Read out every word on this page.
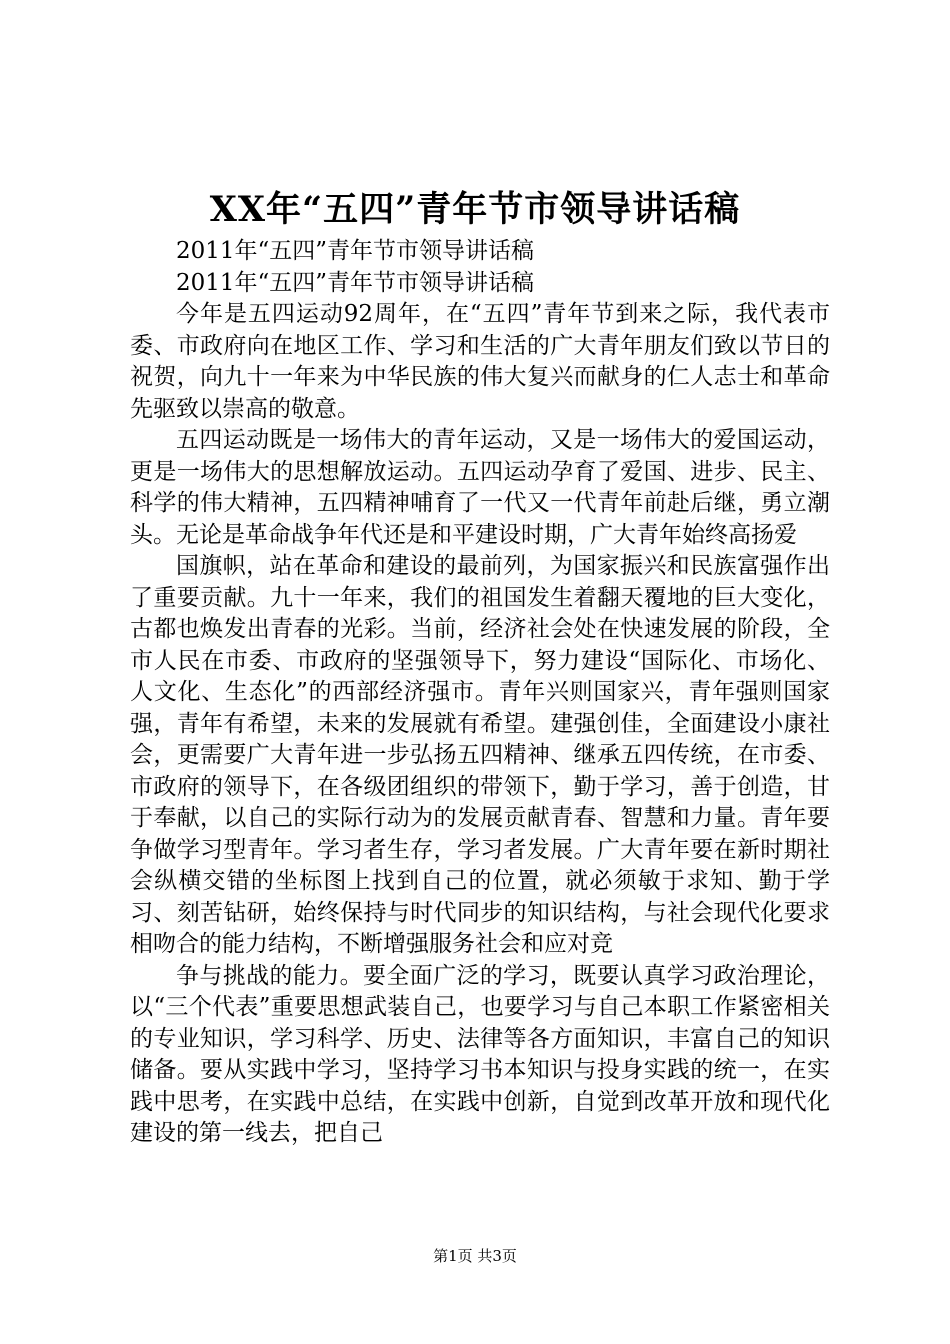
XX年“五四”青年节市领导讲话稿

2011年“五四”青年节市领导讲话稿

2011年“五四”青年节市领导讲话稿

今年是五四运动92周年，在“五四”青年节到来之际，我代表市委、市政府向在地区工作、学习和生活的广大青年朋友们致以节日的祝贺，向九十一年来为中华民族的伟大复兴而献身的仁人志士和革命先驱致以崇高的敬意。

五四运动既是一场伟大的青年运动，又是一场伟大的爱国运动，更是一场伟大的思想解放运动。五四运动孕育了爱国、进步、民主、科学的伟大精神，五四精神哺育了一代又一代青年前赴后继，勇立潮头。无论是革命战争年代还是和平建设时期，广大青年始终高扬爱

国旗帜，站在革命和建设的最前列，为国家振兴和民族富强作出了重要贡献。九十一年来，我们的祖国发生着翻天覆地的巨大变化，古都也焕发出青春的光彩。当前，经济社会处在快速发展的阶段，全市人民在市委、市政府的坚强领导下，努力建设“国际化、市场化、人文化、生态化”的西部经济强市。青年兴则国家兴，青年强则国家强，青年有希望，未来的发展就有希望。建强创佳，全面建设小康社会，更需要广大青年进一步弘扬五四精神、继承五四传统，在市委、市政府的领导下，在各级团组织的带领下，勤于学习，善于创造，甘于奉献，以自己的实际行动为的发展贡献青春、智慧和力量。青年要争做学习型青年。学习者生存，学习者发展。广大青年要在新时期社会纵横交错的坐标图上找到自己的位置，就必须敏于求知、勤于学习、刻苦钻研，始终保持与时代同步的知识结构，与社会现代化要求相吻合的能力结构，不断增强服务社会和应对竞

争与挑战的能力。要全面广泛的学习，既要认真学习政治理论，以“三个代表”重要思想武装自己，也要学习与自己本职工作紧密相关的专业知识，学习科学、历史、法律等各方面知识，丰富自己的知识储备。要从实践中学习，坚持学习书本知识与投身实践的统一，在实践中思考，在实践中总结，在实践中创新，自觉到改革开放和现代化建设的第一线去，把自己

第1页 共3页
